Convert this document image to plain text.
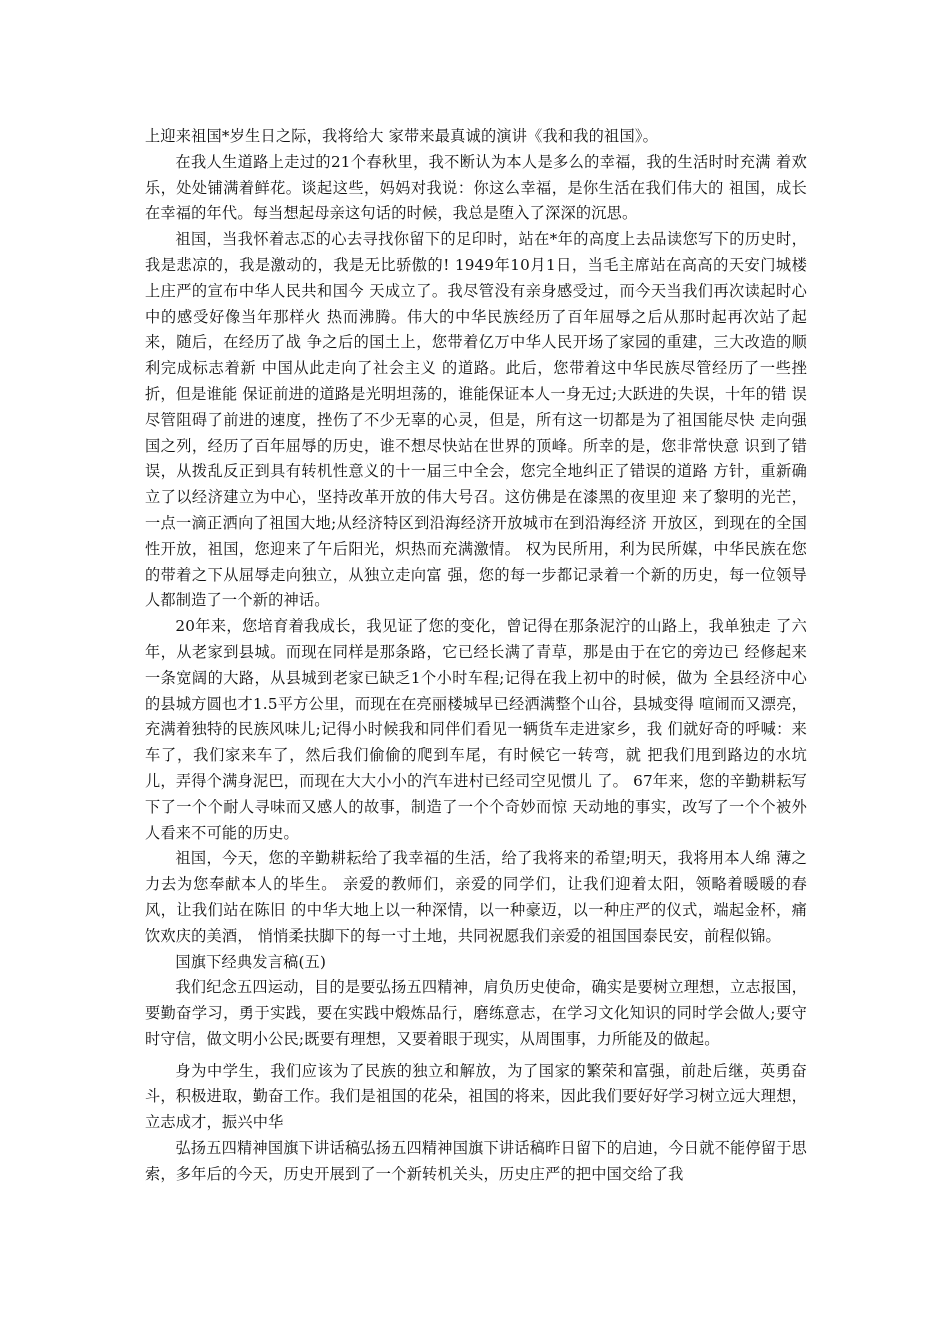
上迎来祖国*岁生日之际，我将给大 家带来最真诚的演讲《我和我的祖国》。

在我人生道路上走过的21个春秋里，我不断认为本人是多么的幸福，我的生活时时充满 着欢乐，处处铺满着鲜花。谈起这些，妈妈对我说：你这么幸福，是你生活在我们伟大的 祖国，成长在幸福的年代。每当想起母亲这句话的时候，我总是堕入了深深的沉思。

祖国，当我怀着志忑的心去寻找你留下的足印时，站在*年的高度上去品读您写下的历史时，我是悲凉的，我是激动的，我是无比骄傲的! 1949年10月1日，当毛主席站在高高的天安门城楼上庄严的宣布中华人民共和国今 天成立了。我尽管没有亲身感受过，而今天当我们再次读起时心中的感受好像当年那样火 热而沸腾。伟大的中华民族经历了百年屈辱之后从那时起再次站了起来，随后，在经历了战 争之后的国土上，您带着亿万中华人民开场了家园的重建，三大改造的顺利完成标志着新 中国从此走向了社会主义 的道路。此后，您带着这中华民族尽管经历了一些挫折，但是谁能 保证前进的道路是光明坦荡的，谁能保证本人一身无过;大跃进的失误，十年的错 误尽管阻碍了前进的速度，挫伤了不少无辜的心灵，但是，所有这一切都是为了祖国能尽快 走向强国之列，经历了百年屈辱的历史，谁不想尽快站在世界的顶峰。所幸的是，您非常快意 识到了错误，从拨乱反正到具有转机性意义的十一届三中全会，您完全地纠正了错误的道路 方针，重新确立了以经济建立为中心，坚持改革开放的伟大号召。这仿佛是在漆黑的夜里迎 来了黎明的光芒，一点一滴正洒向了祖国大地;从经济特区到沿海经济开放城市在到沿海经济 开放区，到现在的全国性开放，祖国，您迎来了午后阳光，炽热而充满激情。 权为民所用，利为民所媒，中华民族在您的带着之下从屈辱走向独立，从独立走向富 强，您的每一步都记录着一个新的历史，每一位领导人都制造了一个新的神话。

20年来，您培育着我成长，我见证了您的变化，曾记得在那条泥泞的山路上，我单独走 了六年，从老家到县城。而现在同样是那条路，它已经长满了青草，那是由于在它的旁边已 经修起来一条宽阔的大路，从县城到老家已缺乏1个小时车程;记得在我上初中的时候，做为 全县经济中心的县城方圆也才1.5平方公里，而现在在亮丽楼城早已经洒满整个山谷，县城变得 喧闹而又漂亮，充满着独特的民族风味儿;记得小时候我和同伴们看见一辆货车走进家乡，我 们就好奇的呼喊：来车了，我们家来车了，然后我们偷偷的爬到车尾，有时候它一转弯，就 把我们甩到路边的水坑儿，弄得个满身泥巴，而现在大大小小的汽车进村已经司空见惯儿 了。 67年来，您的辛勤耕耘写下了一个个耐人寻味而又感人的故事，制造了一个个奇妙而惊 天动地的事实，改写了一个个被外人看来不可能的历史。

祖国，今天，您的辛勤耕耘给了我幸福的生活，给了我将来的希望;明天，我将用本人绵 薄之力去为您奉献本人的毕生。 亲爱的教师们，亲爱的同学们，让我们迎着太阳，领略着暖暖的春风，让我们站在陈旧 的中华大地上以一种深情，以一种豪迈，以一种庄严的仪式，端起金杯，痛饮欢庆的美酒， 悄悄柔扶脚下的每一寸土地，共同祝愿我们亲爱的祖国国泰民安，前程似锦。

国旗下经典发言稿(五)

我们纪念五四运动，目的是要弘扬五四精神，肩负历史使命，确实是要树立理想，立志报国，要勤奋学习，勇于实践，要在实践中煅炼品行，磨练意志，在学习文化知识的同时学会做人;要守时守信，做文明小公民;既要有理想，又要着眼于现实，从周围事，力所能及的做起。

身为中学生，我们应该为了民族的独立和解放，为了国家的繁荣和富强，前赴后继，英勇奋斗，积极进取，勤奋工作。我们是祖国的花朵，祖国的将来，因此我们要好好学习树立远大理想，立志成才，振兴中华

弘扬五四精神国旗下讲话稿弘扬五四精神国旗下讲话稿昨日留下的启迪，今日就不能停留于思索，多年后的今天，历史开展到了一个新转机关头，历史庄严的把中国交给了我
